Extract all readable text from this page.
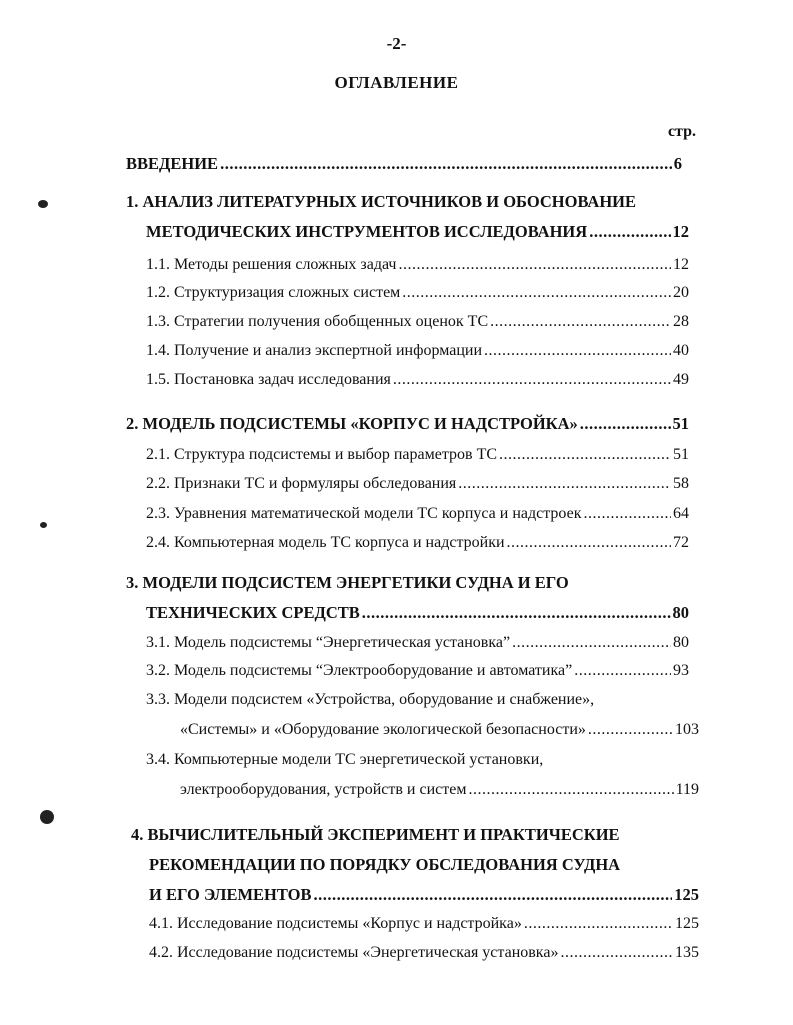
-2-
ОГЛАВЛЕНИЕ
стр.
ВВЕДЕНИЕ .....	6
1. АНАЛИЗ ЛИТЕРАТУРНЫХ ИСТОЧНИКОВ И ОБОСНОВАНИЕ
МЕТОДИЧЕСКИХ ИНСТРУМЕНТОВ ИССЛЕДОВАНИЯ .....	12
1.1. Методы решения сложных задач .....	12
1.2. Структуризация сложных систем .....	20
1.3. Стратегии получения обобщенных оценок ТС .....	28
1.4. Получение и анализ экспертной информации .....	40
1.5. Постановка задач исследования .....	49
2. МОДЕЛЬ ПОДСИСТЕМЫ «КОРПУС И НАДСТРОЙКА» .....	51
2.1. Структура подсистемы и выбор параметров ТС .....	51
2.2. Признаки ТС и формуляры обследования .....	58
2.3. Уравнения математической модели ТС корпуса и надстроек .....	64
2.4. Компьютерная модель ТС корпуса и надстройки .....	72
3. МОДЕЛИ ПОДСИСТЕМ ЭНЕРГЕТИКИ СУДНА И ЕГО
ТЕХНИЧЕСКИХ СРЕДСТВ .....	80
3.1. Модель подсистемы “Энергетическая установка” .....	80
3.2. Модель подсистемы “Электрооборудование и автоматика” .....	93
3.3. Модели подсистем «Устройства, оборудование и снабжение»,
«Системы» и «Оборудование экологической безопасности» .....	103
3.4. Компьютерные модели ТС энергетической установки,
электрооборудования, устройств и систем .....	119
4. ВЫЧИСЛИТЕЛЬНЫЙ ЭКСПЕРИМЕНТ И ПРАКТИЧЕСКИЕ
РЕКОМЕНДАЦИИ ПО ПОРЯДКУ ОБСЛЕДОВАНИЯ СУДНА
И ЕГО ЭЛЕМЕНТОВ .....	125
4.1. Исследование подсистемы «Корпус и надстройка» .....	125
4.2. Исследование подсистемы «Энергетическая установка» .....	135
